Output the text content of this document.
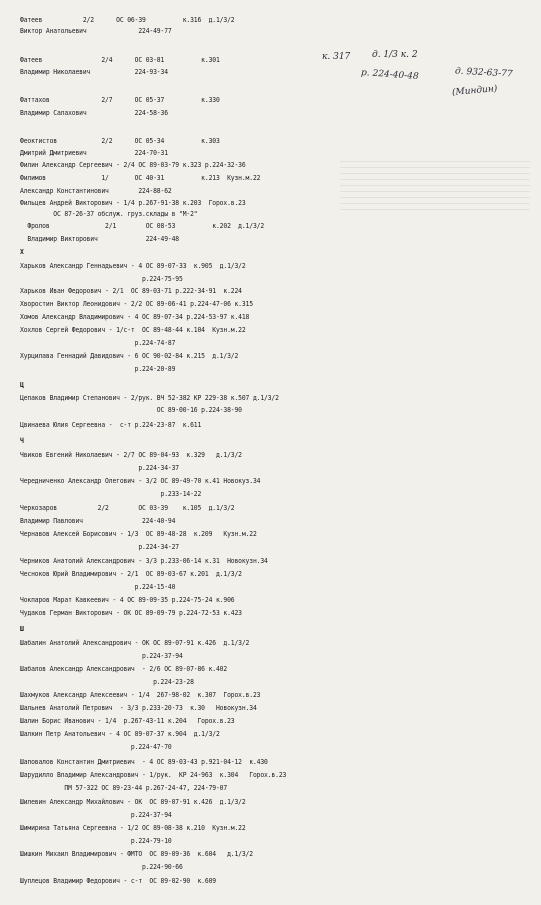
Фатеев           2/2      ОС 06-39          к.316  д.1/3/2
Виктор Анатольевич              224-49-77
Фатеев                2/4      ОС 03-81          к.301
Владимир Николаевич            224-93-34
Фаттахов              2/7      ОС 05-37          к.330
Владимир Салахович             224-58-36
Феоктистов            2/2      ОС 05-34          к.303
Дмитрий Дмитриевич             224-70-31
Филин Александр Сергеевич - 2/4 ОС 89-03-79 к.323 р.224-32-36
Филимов               1/       ОС 40-31          к.213  Кузн.м.22
Александр Константинович        224-88-62
Фильцев Андрей Викторович - 1/4 р.267-91-38 к.203  Горох.в.23
ОС 87-26-37 обслуж. груз.склады в "М-2"
Фролов               2/1        ОС 08-53          к.202  д.1/3/2
Владимир Викторович             224-49-48
Х
Харьков Александр Геннадьевич - 4 ОС 89-07-33  к.905  д.1/3/2
р.224-75-95
Харьков Иван Федорович - 2/1  ОС 89-03-71 р.222-34-91  к.224
Хворостин Виктор Леонидович - 2/2 ОС 89-06-41 р.224-47-06 к.315
Хомов Александр Владимирович - 4 ОС 89-07-34 р.224-53-97 к.418
Хохлов Сергей Федорович - 1/с-т  ОС 89-48-44 к.104  Кузн.м.22
р.224-74-87
Хурцилава Геннадий Давидович - 6 ОС 90-02-84 к.215  д.1/3/2
р.224-20-89
Ц
Цепаков Владимир Степанович - 2/рук. ВЧ 52-382 КР 229-38 к.507 д.1/3/2
ОС 89-00-16 р.224-38-90
Цвинаева Юлия Сергеевна -  с-т р.224-23-87  к.611
Ч
Чвиков Евгений Николаевич - 2/7 ОС 89-04-93  к.329   д.1/3/2
р.224-34-37
Чередниченко Александр Олегович - 3/2 ОС 89-49-70 к.41 Новокуз.34
р.233-14-22
Черкозаров           2/2        ОС 03-39    к.105  д.1/3/2
Владимир Павлович                224-40-94
Чернавов Алексей Борисович - 1/3  ОС 89-48-28  к.209   Кузн.м.22
р.224-34-27
Черников Анатолий Александрович - 3/3 р.233-06-14 к.31  Новокузн.34
Чесноков Юрий Владимирович - 2/1  ОС 89-03-67 к.201  д.1/3/2
р.224-15-40
Чокпаров Марат Кавкеевич - 4 ОС 89-09-35 р.224-75-24 к.906
Чудаков Герман Викторович - ОК ОС 89-09-79 р.224-72-53 к.423
Ш
Шабалин Анатолий Александрович - ОК ОС 89-07-91 к.426  д.1/3/2
р.224-37-94
Шабалов Александр Александрович  - 2/6 ОС 89-07-86 к.402
р.224-23-28
Шахмуков Александр Алексеевич - 1/4  267-98-02  к.307  Горох.в.23
Шальнев Анатолий Петрович  - 3/3 р.233-20-73  к.30   Новокузн.34
Шалин Борис Иванович - 1/4  р.267-43-11 к.204   Горох.в.23
Шалкин Петр Анатольевич - 4 ОС 89-07-37 к.904  д.1/3/2
р.224-47-70
Шаповалов Константин Дмитриевич  - 4 ОС 89-03-43 р.921-04-12  к.430
Шарудилло Владимир Александрович - 1/рук.  КР 24-963  к.304   Горох.в.23
ПМ 57-322 ОС 89-23-44 р.267-24-47, 224-79-07
Шилевин Александр Михайлович - ОК  ОС 89-07-91 к.426  д.1/3/2
р.224-37-94
Шимирина Татьяна Сергеевна - 1/2 ОС 89-08-38 к.210  Кузн.м.22
р.224-79-10
Шишкин Михаил Владимирович - ФМТО  ОС 89-09-36  к.604   д.1/3/2
р.224-90-66
Шуплецов Владимир Федорович - с-т  ОС 89-02-90  к.609
к. 317 д. 1/3 к. 2
р. 224-40-48	д. 932-63-77
(Миндин)
